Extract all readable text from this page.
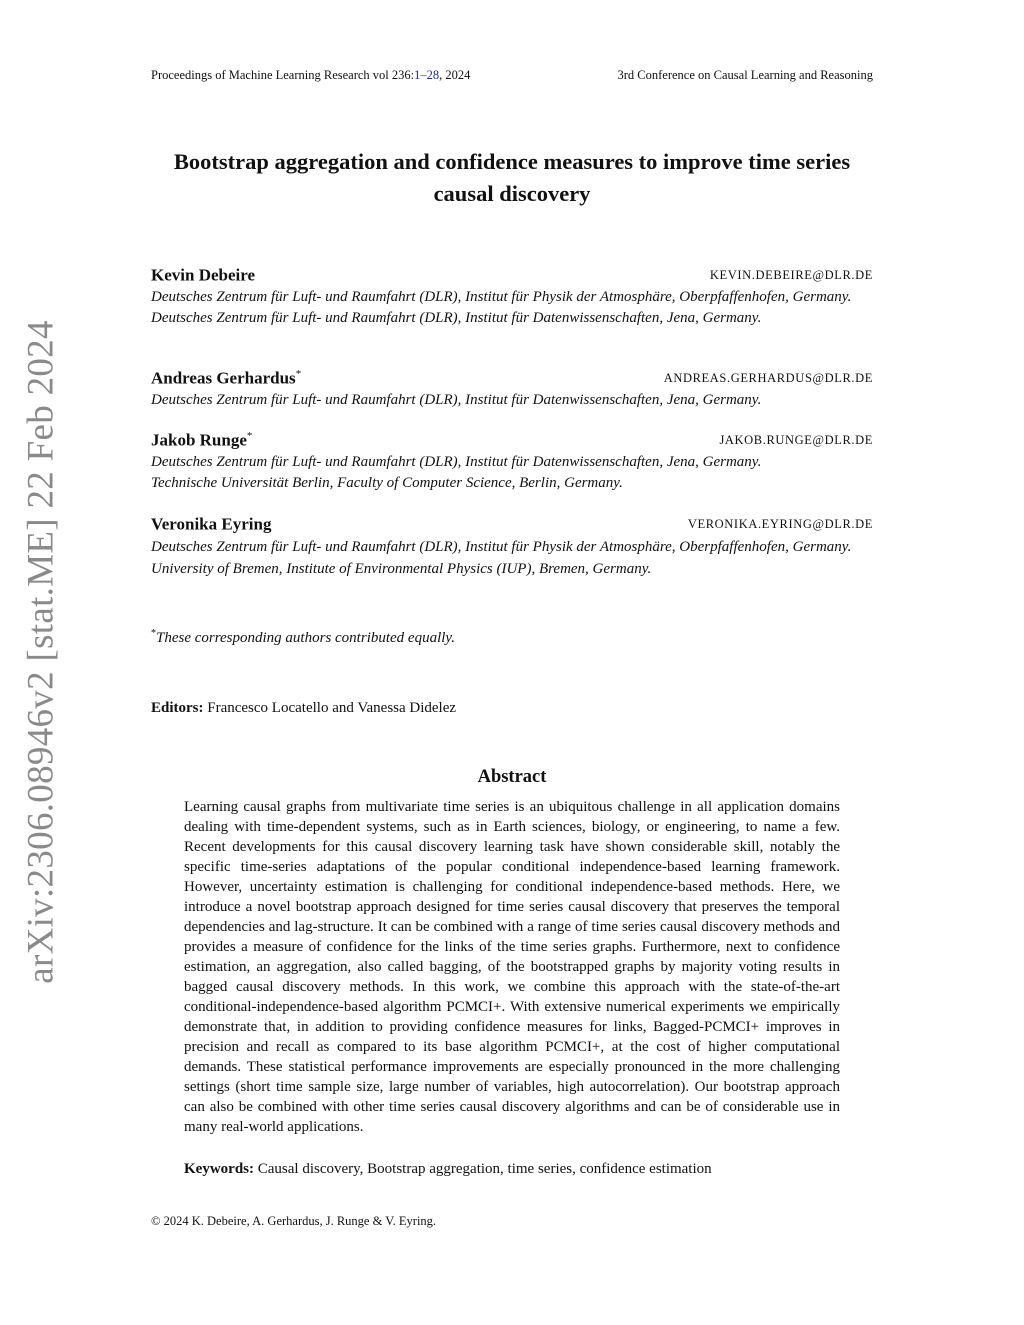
Proceedings of Machine Learning Research vol 236:1–28, 2024	3rd Conference on Causal Learning and Reasoning
arXiv:2306.08946v2 [stat.ME] 22 Feb 2024
Bootstrap aggregation and confidence measures to improve time series causal discovery
Kevin Debeire	KEVIN.DEBEIRE@DLR.DE
Deutsches Zentrum für Luft- und Raumfahrt (DLR), Institut für Physik der Atmosphäre, Oberpfaffenhofen, Germany.
Deutsches Zentrum für Luft- und Raumfahrt (DLR), Institut für Datenwissenschaften, Jena, Germany.
Andreas Gerhardus*	ANDREAS.GERHARDUS@DLR.DE
Deutsches Zentrum für Luft- und Raumfahrt (DLR), Institut für Datenwissenschaften, Jena, Germany.
Jakob Runge*	JAKOB.RUNGE@DLR.DE
Deutsches Zentrum für Luft- und Raumfahrt (DLR), Institut für Datenwissenschaften, Jena, Germany.
Technische Universität Berlin, Faculty of Computer Science, Berlin, Germany.
Veronika Eyring	VERONIKA.EYRING@DLR.DE
Deutsches Zentrum für Luft- und Raumfahrt (DLR), Institut für Physik der Atmosphäre, Oberpfaffenhofen, Germany.
University of Bremen, Institute of Environmental Physics (IUP), Bremen, Germany.
*These corresponding authors contributed equally.
Editors: Francesco Locatello and Vanessa Didelez
Abstract
Learning causal graphs from multivariate time series is an ubiquitous challenge in all application domains dealing with time-dependent systems, such as in Earth sciences, biology, or engineering, to name a few. Recent developments for this causal discovery learning task have shown considerable skill, notably the specific time-series adaptations of the popular conditional independence-based learning framework. However, uncertainty estimation is challenging for conditional independence-based methods. Here, we introduce a novel bootstrap approach designed for time series causal discovery that preserves the temporal dependencies and lag-structure. It can be combined with a range of time series causal discovery methods and provides a measure of confidence for the links of the time series graphs. Furthermore, next to confidence estimation, an aggregation, also called bagging, of the bootstrapped graphs by majority voting results in bagged causal discovery methods. In this work, we combine this approach with the state-of-the-art conditional-independence-based algorithm PCMCI+. With extensive numerical experiments we empirically demonstrate that, in addition to providing confidence measures for links, Bagged-PCMCI+ improves in precision and recall as compared to its base algorithm PCMCI+, at the cost of higher computational demands. These statistical performance improvements are especially pronounced in the more challenging settings (short time sample size, large number of variables, high autocorrelation). Our bootstrap approach can also be combined with other time series causal discovery algorithms and can be of considerable use in many real-world applications.
Keywords: Causal discovery, Bootstrap aggregation, time series, confidence estimation
© 2024 K. Debeire, A. Gerhardus, J. Runge & V. Eyring.
